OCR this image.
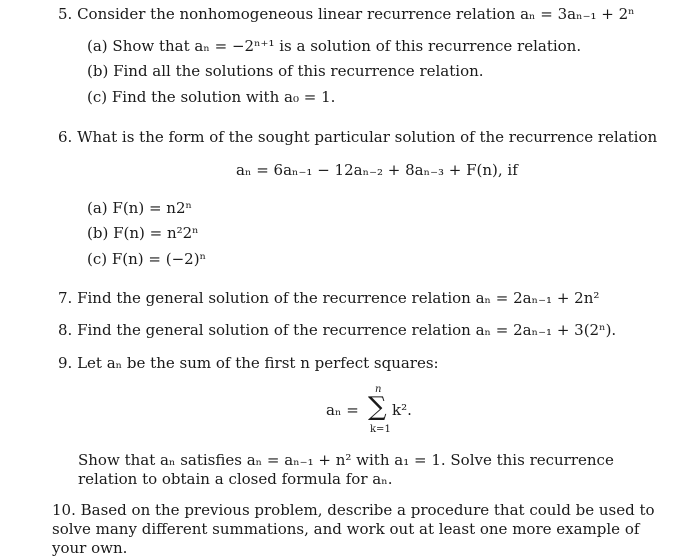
5. Consider the nonhomogeneous linear recurrence relation aₙ = 3aₙ₋₁ + 2ⁿ
(a) Show that aₙ = −2ⁿ⁺¹ is a solution of this recurrence relation.
(b) Find all the solutions of this recurrence relation.
(c) Find the solution with a₀ = 1.
6. What is the form of the sought particular solution of the recurrence relation
aₙ = 6aₙ₋₁ − 12aₙ₋₂ + 8aₙ₋₃ + F(n), if
(a) F(n) = n2ⁿ
(b) F(n) = n²2ⁿ
(c) F(n) = (−2)ⁿ
7. Find the general solution of the recurrence relation aₙ = 2aₙ₋₁ + 2n²
8. Find the general solution of the recurrence relation aₙ = 2aₙ₋₁ + 3(2ⁿ).
9. Let aₙ be the sum of the first n perfect squares:
aₙ =
n
∑
k=1
k².
Show that aₙ satisfies aₙ = aₙ₋₁ + n² with a₁ = 1. Solve this recurrence relation to obtain a closed formula for aₙ.
10. Based on the previous problem, describe a procedure that could be used to solve many different summations, and work out at least one more example of your own.
